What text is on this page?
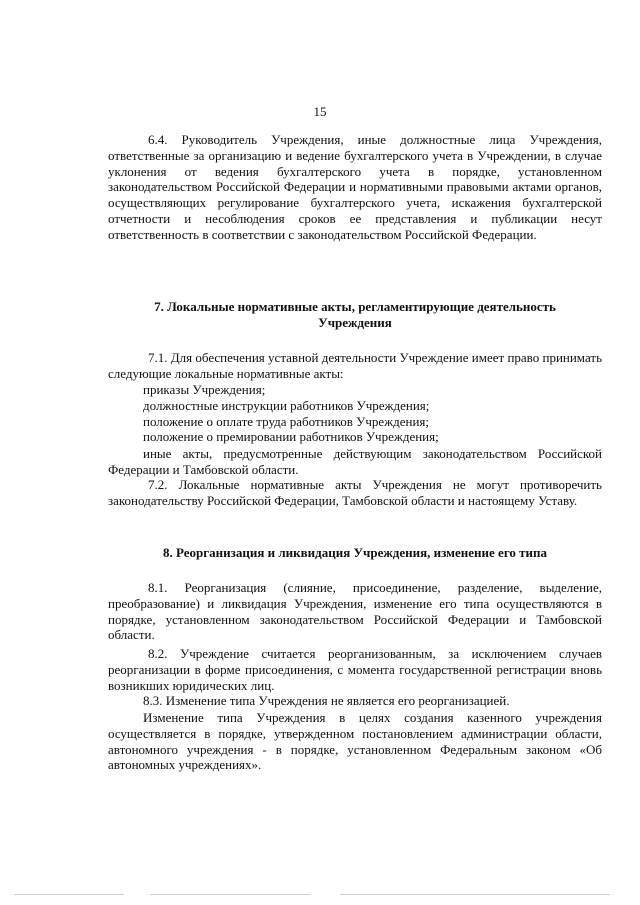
15
6.4. Руководитель Учреждения, иные должностные лица Учреждения, ответственные за организацию и ведение бухгалтерского учета в Учреждении, в случае уклонения от ведения бухгалтерского учета в порядке, установленном законодательством Российской Федерации и нормативными правовыми актами органов, осуществляющих регулирование бухгалтерского учета, искажения бухгалтерской отчетности и несоблюдения сроков ее представления и публикации несут ответственность в соответствии с законодательством Российской Федерации.
7. Локальные нормативные акты, регламентирующие деятельность
Учреждения
7.1. Для обеспечения уставной деятельности Учреждение имеет право принимать следующие локальные нормативные акты:
приказы Учреждения;
должностные инструкции работников Учреждения;
положение о оплате труда работников Учреждения;
положение о премировании работников Учреждения;
иные акты, предусмотренные действующим законодательством Российской Федерации и Тамбовской области.
7.2. Локальные нормативные акты Учреждения не могут противоречить законодательству Российской Федерации, Тамбовской области и настоящему Уставу.
8. Реорганизация и ликвидация Учреждения, изменение его типа
8.1. Реорганизация (слияние, присоединение, разделение, выделение, преобразование) и ликвидация Учреждения, изменение его типа осуществляются в порядке, установленном законодательством Российской Федерации и Тамбовской области.
8.2. Учреждение считается реорганизованным, за исключением случаев реорганизации в форме присоединения, с момента государственной регистрации вновь возникших юридических лиц.
8.3. Изменение типа Учреждения не является его реорганизацией.
Изменение типа Учреждения в целях создания казенного учреждения осуществляется в порядке, утвержденном постановлением администрации области, автономного учреждения - в порядке, установленном Федеральным законом «Об автономных учреждениях».
